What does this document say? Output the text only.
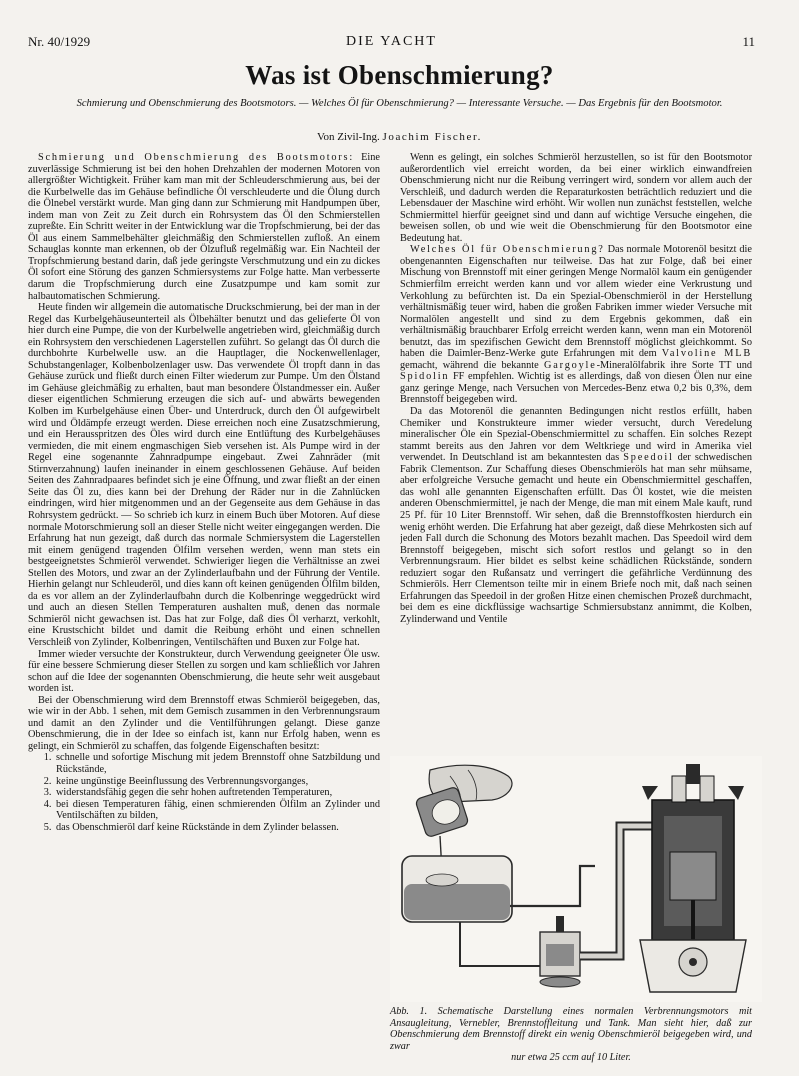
Nr. 40/1929	DIE YACHT	11
Was ist Obenschmierung?
Schmierung und Obenschmierung des Bootsmotors. — Welches Öl für Obenschmierung? — Interessante Versuche. — Das Ergebnis für den Bootsmotor.
Von Zivil-Ing. Joachim Fischer.

Schmierung und Obenschmierung des Bootsmotors: Eine zuverlässige Schmierung ist bei den hohen Drehzahlen der modernen Motoren von allergrößter Wichtigkeit. Früher kam man mit der Schleuderschmierung aus, bei der die Kurbelwelle das im Gehäuse befindliche Öl verschleuderte und die Ölung durch die Ölnebel verstärkt wurde. Man ging dann zur Schmierung mit Handpumpen über, indem man von Zeit zu Zeit durch ein Rohrsystem das Öl den Schmierstellen zupreßte. Ein Schritt weiter in der Entwicklung war die Tropfschmierung, bei der das Öl aus einem Sammelbehälter gleichmäßig den Schmierstellen zufloß. An einem Schauglas konnte man erkennen, ob der Ölzufluß regelmäßig war. Ein Nachteil der Tropfschmierung bestand darin, daß jede geringste Verschmutzung und ein zu dickes Öl sofort eine Störung des ganzen Schmiersystems zur Folge hatte. Man verbesserte darum die Tropfschmierung durch eine Zusatzpumpe und kam somit zur halbautomatischen Schmierung.

Heute finden wir allgemein die automatische Druckschmierung, bei der man in der Regel das Kurbelgehäuseunterteil als Ölbehälter benutzt und das gelieferte Öl von hier durch eine Pumpe, die von der Kurbelwelle angetrieben wird, gleichmäßig durch ein Rohrsystem den verschiedenen Lagerstellen zuführt. So gelangt das Öl durch die durchbohrte Kurbelwelle usw. an die Hauptlager, die Nockenwellenlager, Schubstangenlager, Kolbenbolzenlager usw. Das verwendete Öl tropft dann in das Gehäuse zurück und fließt durch einen Filter wiederum zur Pumpe. Um den Ölstand im Gehäuse gleichmäßig zu erhalten, baut man besondere Ölstandmesser ein. Außer dieser eigentlichen Schmierung erzeugen die sich auf- und abwärts bewegenden Kolben im Kurbelgehäuse einen Über- und Unterdruck, durch den Öl aufgewirbelt wird und Öldämpfe erzeugt werden. Diese erreichen noch eine Zusatzschmierung, und ein Herausspritzen des Öles wird durch eine Entlüftung des Kurbelgehäuses vermieden, die mit einem engmaschigen Sieb versehen ist. Als Pumpe wird in der Regel eine sogenannte Zahnradpumpe eingebaut. Zwei Zahnräder (mit Stirnverzahnung) laufen ineinander in einem geschlossenen Gehäuse. Auf beiden Seiten des Zahnradpaares befindet sich je eine Öffnung, und zwar fließt an der einen Seite das Öl zu, dies kann bei der Drehung der Räder nur in die Zahnlücken eindringen, wird hier mitgenommen und an der Gegenseite aus dem Gehäuse in das Rohrsystem gedrückt. — So schrieb ich kurz in einem Buch über Motoren. Auf diese normale Motorschmierung soll an dieser Stelle nicht weiter eingegangen werden. Die Erfahrung hat nun gezeigt, daß durch das normale Schmiersystem die Lagerstellen mit einem genügend tragenden Ölfilm versehen werden, wenn man stets ein bestgeeignetstes Schmieröl verwendet. Schwieriger liegen die Verhältnisse an zwei Stellen des Motors, und zwar an der Zylinderlaufbahn und der Führung der Ventile. Hierhin gelangt nur Schleuderöl, und dies kann oft keinen genügenden Ölfilm bilden, da es vor allem an der Zylinderlaufbahn durch die Kolbenringe weggedrückt wird und auch an diesen Stellen Temperaturen aushalten muß, denen das normale Schmieröl nicht gewachsen ist. Das hat zur Folge, daß dies Öl verharzt, verkohlt, eine Krustschicht bildet und damit die Reibung erhöht und einen schnellen Verschleiß von Zylinder, Kolbenringen, Ventilschäften und Buxen zur Folge hat.

Immer wieder versuchte der Konstrukteur, durch Verwendung geeigneter Öle usw. für eine bessere Schmierung dieser Stellen zu sorgen und kam schließlich vor Jahren schon auf die Idee der sogenannten Obenschmierung, die heute sehr weit ausgebaut worden ist.

Bei der Obenschmierung wird dem Brennstoff etwas Schmieröl beigegeben, das, wie wir in der Abb. 1 sehen, mit dem Gemisch zusammen in den Verbrennungsraum und damit an den Zylinder und die Ventilführungen gelangt. Diese ganze Obenschmierung, die in der Idee so einfach ist, kann nur Erfolg haben, wenn es gelingt, ein Schmieröl zu schaffen, das folgende Eigenschaften besitzt:

1. schnelle und sofortige Mischung mit jedem Brennstoff ohne Satzbildung und Rückstände,
2. keine ungünstige Beeinflussung des Verbrennungsvorganges,
3. widerstandsfähig gegen die sehr hohen auftretenden Temperaturen,
4. bei diesen Temperaturen fähig, einen schmierenden Ölfilm an Zylinder und Ventilschäften zu bilden,
5. das Obenschmieröl darf keine Rückstände in dem Zylinder belassen.

Wenn es gelingt, ein solches Schmieröl herzustellen, so ist für den Bootsmotor außerordentlich viel erreicht worden, da bei einer wirklich einwandfreien Obenschmierung nicht nur die Reibung verringert wird, sondern vor allem auch der Verschleiß, und dadurch werden die Reparaturkosten beträchtlich reduziert und die Lebensdauer der Maschine wird erhöht. Wir wollen nun zunächst feststellen, welche Schmiermittel hierfür geeignet sind und dann auf wichtige Versuche eingehen, die beweisen sollen, ob und wie weit die Obenschmierung für den Bootsmotor eine Bedeutung hat.

Welches Öl für Obenschmierung? Das normale Motorenöl besitzt die obengenannten Eigenschaften nur teilweise. Das hat zur Folge, daß bei einer Mischung von Brennstoff mit einer geringen Menge Normalöl kaum ein genügender Schmierfilm erreicht werden kann und vor allem wieder eine Verkrustung und Verkohlung zu befürchten ist. Da ein Spezial-Obenschmieröl in der Herstellung verhältnismäßig teuer wird, haben die großen Fabriken immer wieder Versuche mit Normalölen angestellt und sind zu dem Ergebnis gekommen, daß ein verhältnismäßig brauchbarer Erfolg erreicht werden kann, wenn man ein Motorenöl benutzt, das im spezifischen Gewicht dem Brennstoff möglichst gleichkommt. So haben die Daimler-Benz-Werke gute Erfahrungen mit dem Valvoline MLB gemacht, während die bekannte Gargoyle-Mineralölfabrik ihre Sorte TT und Spidolin FF empfehlen. Wichtig ist es allerdings, daß von diesen Ölen nur eine ganz geringe Menge, nach Versuchen von Mercedes-Benz etwa 0,2 bis 0,3%, dem Brennstoff beigegeben wird.

Da das Motorenöl die genannten Bedingungen nicht restlos erfüllt, haben Chemiker und Konstrukteure immer wieder versucht, durch Veredelung mineralischer Öle ein Spezial-Obenschmiermittel zu schaffen. Ein solches Rezept stammt bereits aus den Jahren vor dem Weltkriege und wird in Amerika viel verwendet. In Deutschland ist am bekanntesten das Speedoil der schwedischen Fabrik Clementson. Zur Schaffung dieses Obenschmieröls hat man sehr mühsame, aber erfolgreiche Versuche gemacht und heute ein Obenschmiermittel geschaffen, das wohl alle genannten Eigenschaften erfüllt. Das Öl kostet, wie die meisten anderen Obenschmiermittel, je nach der Menge, die man mit einem Male kauft, rund 25 Pf. für 10 Liter Brennstoff. Wir sehen, daß die Brennstoffkosten hierdurch ein wenig erhöht werden. Die Erfahrung hat aber gezeigt, daß diese Mehrkosten sich auf jeden Fall durch die Schonung des Motors bezahlt machen. Das Speedoil wird dem Brennstoff beigegeben, mischt sich sofort restlos und gelangt so in den Verbrennungsraum. Hier bildet es selbst keine schädlichen Rückstände, sondern reduziert sogar den Rußansatz und verringert die gefährliche Verdünnung des Schmieröls. Herr Clementson teilte mir in einem Briefe noch mit, daß nach seinen Erfahrungen das Speedoil in der großen Hitze einen chemischen Prozeß durchmacht, bei dem es eine dickflüssige wachsartige Schmiersubstanz annimmt, die Kolben, Zylinderwand und Ventile

Abb. 1. Schematische Darstellung eines normalen Verbrennungsmotors mit Ansaugleitung, Vernebler, Brennstoffleitung und Tank. Man sieht hier, daß zur Obenschmierung dem Brennstoff direkt ein wenig Obenschmieröl beigegeben wird, und zwar
nur etwa 25 ccm auf 10 Liter.
